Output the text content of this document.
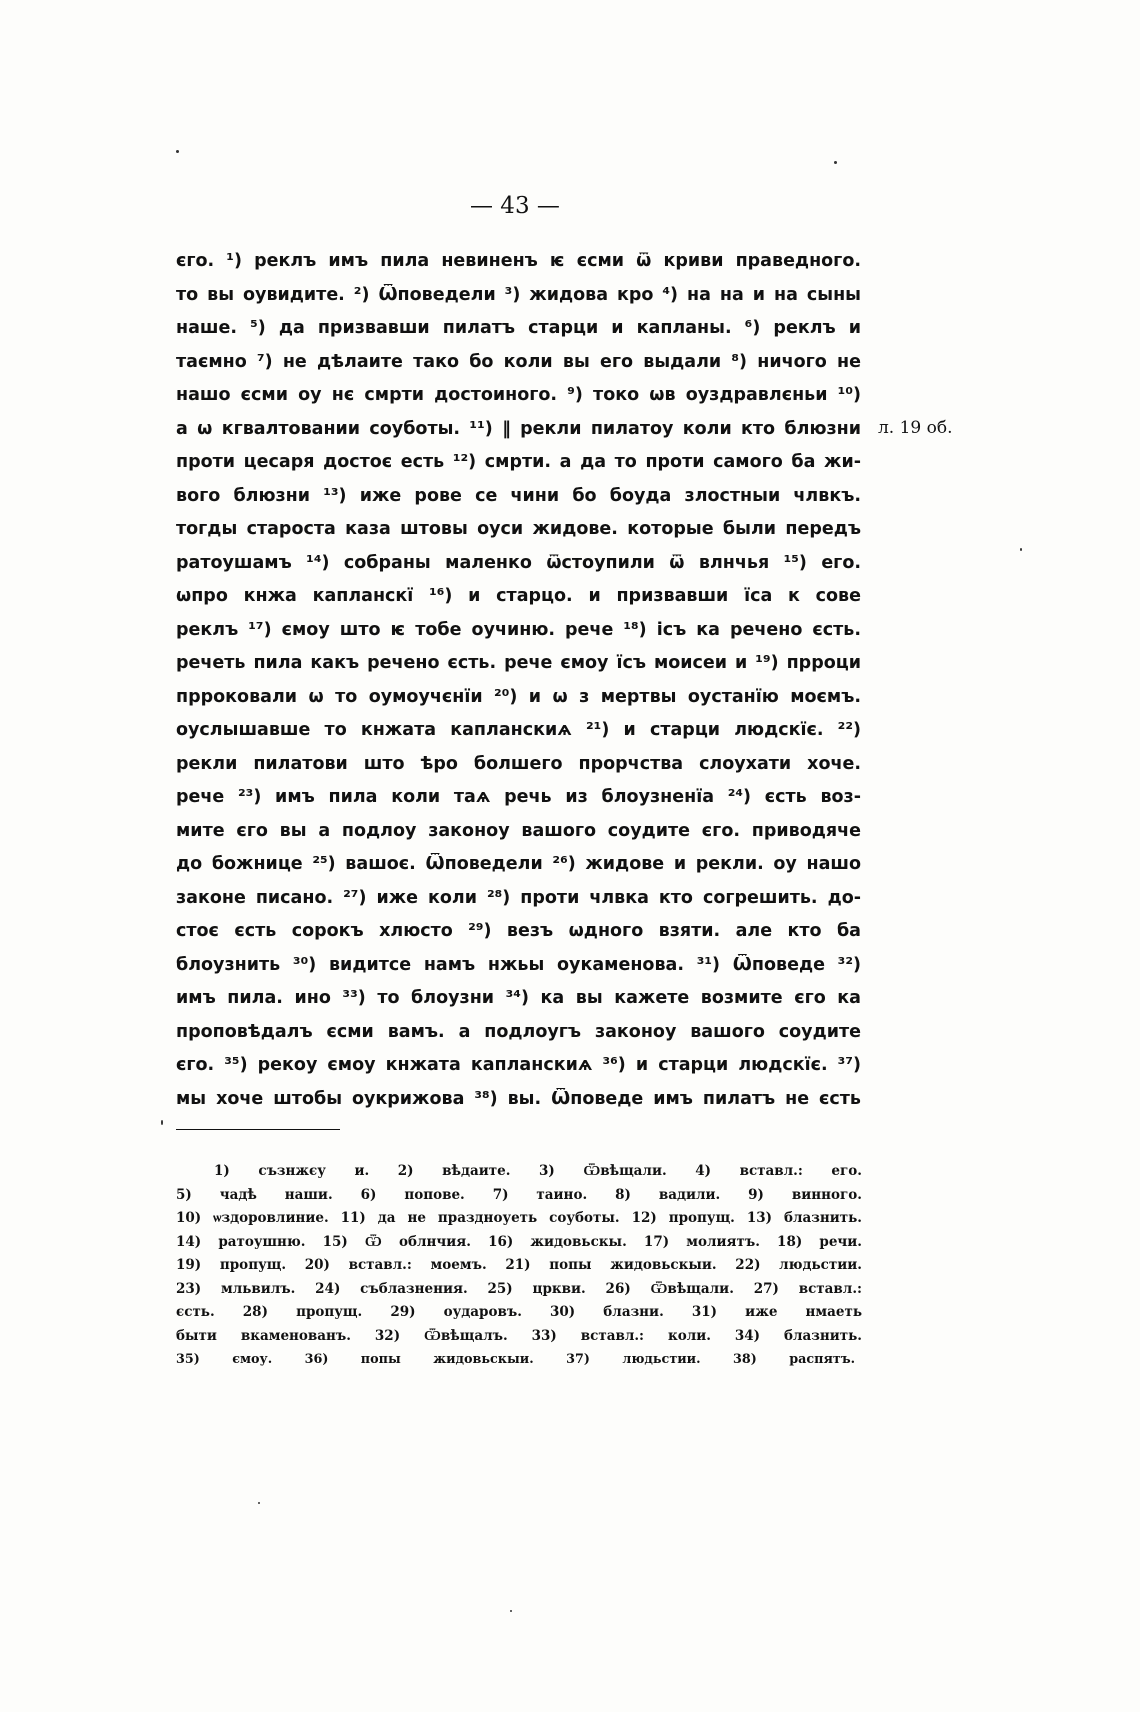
— 43 —
єго. ¹) реклъ имъ пила невиненъ ѥ єсми ѿ криви праведного.
то вы оувидите. ²) Ѿповедели ³) жидова кро ⁴) на на и на сыны
наше. ⁵) да призвавши пилатъ старци и капланы. ⁶) реклъ и
таємно ⁷) не дѣлаите тако бо коли вы его выдали ⁸) ничого не
нашо єсми оу нє смрти достоиного. ⁹) токо ѡв оуздравлєньи ¹⁰)
а ѡ кгвалтовании соуботы. ¹¹) ‖ рекли пилатоу коли кто блюзни
проти цесаря достоє есть ¹²) смрти. а да то проти самого ба жи-
вого блюзни ¹³) иже рове се чини бо боуда злостныи члвкъ.
тогды староста каза штовы оуси жидове. которые были передъ
ратоушамъ ¹⁴) собраны маленко ѿстоупили ѿ влнчья ¹⁵) его.
ѡпро кнжа капланскї ¹⁶) и старцо. и призвавши їса к сове
реклъ ¹⁷) ємоу што ѥ тобе оучиню. рече ¹⁸) ісъ ка речено єсть.
речеть пила какъ речено єсть. рече ємоу їсъ моисеи и ¹⁹) прроци
прроковали ѡ то оумоучєнїи ²⁰) и ѡ з мертвы оустанїю моємъ.
оуслышавше то кнжата капланскиѧ ²¹) и старци людскїє. ²²)
рекли пилатови што ѣро болшего прорчства слоухати хоче.
рече ²³) имъ пила коли таѧ речь из блоузненїа ²⁴) єсть воз-
мите єго вы а подлоу законоу вашого соудите єго. приводяче
до божнице ²⁵) вашоє. Ѿповедели ²⁶) жидове и рекли. оу нашо
законе писано. ²⁷) иже коли ²⁸) проти члвка кто согрешить. до-
стоє єсть сорокъ хлюсто ²⁹) везъ ѡдного взяти. але кто ба
блоузнить ³⁰) видитсе намъ нжьы оукаменова. ³¹) Ѿповеде ³²)
имъ пила. ино ³³) то блоузни ³⁴) ка вы кажете возмите єго ка
проповѣдалъ єсми вамъ. а подлоугъ законоу вашого соудите
єго. ³⁵) рекоу ємоу кнжата капланскиѧ ³⁶) и старци людскїє. ³⁷)
мы хоче штобы оукрижова ³⁸) вы. Ѿповеде имъ пилатъ не єсть
л. 19 об.
1) съзнжєу и. 2) вѣдаите. 3) Ѿвѣщали. 4) вставл.: его.
5) чадѣ наши. 6) попове. 7) таино. 8) вадили. 9) винного.
10) ѡздоровлиние. 11) да не праздноуеть соуботы. 12) пропущ. 13) блазнить.
14) ратоушню. 15) Ѿ облнчия. 16) жидовьскы. 17) молиятъ. 18) речи.
19) пропущ. 20) вставл.: моемъ. 21) попы жидовьскыи. 22) людьстии.
23) мльвилъ. 24) съблазнения. 25) цркви. 26) Ѿвѣщали. 27) вставл.:
єсть. 28) пропущ. 29) оударовъ. 30) блазни. 31) иже нмаеть
быти вкаменованъ. 32) Ѿвѣщалъ. 33) вставл.: коли. 34) блазнить.
35) ємоу. 36) попы жидовьскыи. 37) людьстии. 38) распятъ.
